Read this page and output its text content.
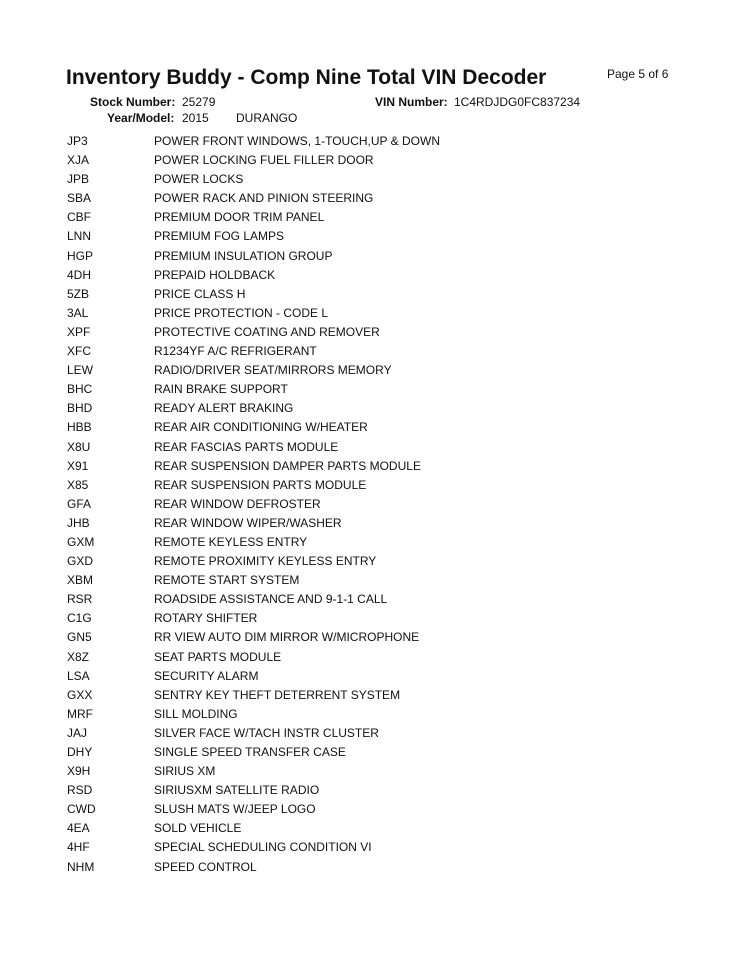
Inventory Buddy - Comp Nine Total VIN Decoder	Page 5 of 6
Stock Number: 25279	VIN Number: 1C4RDJDG0FC837234
Year/Model: 2015 DURANGO
JP3	POWER FRONT WINDOWS, 1-TOUCH,UP & DOWN
XJA	POWER LOCKING FUEL FILLER DOOR
JPB	POWER LOCKS
SBA	POWER RACK AND PINION STEERING
CBF	PREMIUM DOOR TRIM PANEL
LNN	PREMIUM FOG LAMPS
HGP	PREMIUM INSULATION GROUP
4DH	PREPAID HOLDBACK
5ZB	PRICE CLASS H
3AL	PRICE PROTECTION - CODE L
XPF	PROTECTIVE COATING AND REMOVER
XFC	R1234YF A/C REFRIGERANT
LEW	RADIO/DRIVER SEAT/MIRRORS MEMORY
BHC	RAIN BRAKE SUPPORT
BHD	READY ALERT BRAKING
HBB	REAR AIR CONDITIONING W/HEATER
X8U	REAR FASCIAS PARTS MODULE
X91	REAR SUSPENSION DAMPER PARTS MODULE
X85	REAR SUSPENSION PARTS MODULE
GFA	REAR WINDOW DEFROSTER
JHB	REAR WINDOW WIPER/WASHER
GXM	REMOTE KEYLESS ENTRY
GXD	REMOTE PROXIMITY KEYLESS ENTRY
XBM	REMOTE START SYSTEM
RSR	ROADSIDE ASSISTANCE AND 9-1-1 CALL
C1G	ROTARY SHIFTER
GN5	RR VIEW AUTO DIM MIRROR W/MICROPHONE
X8Z	SEAT PARTS MODULE
LSA	SECURITY ALARM
GXX	SENTRY KEY THEFT DETERRENT SYSTEM
MRF	SILL MOLDING
JAJ	SILVER FACE W/TACH INSTR CLUSTER
DHY	SINGLE SPEED TRANSFER CASE
X9H	SIRIUS XM
RSD	SIRIUSXM SATELLITE RADIO
CWD	SLUSH MATS W/JEEP LOGO
4EA	SOLD VEHICLE
4HF	SPECIAL SCHEDULING CONDITION VI
NHM	SPEED CONTROL
